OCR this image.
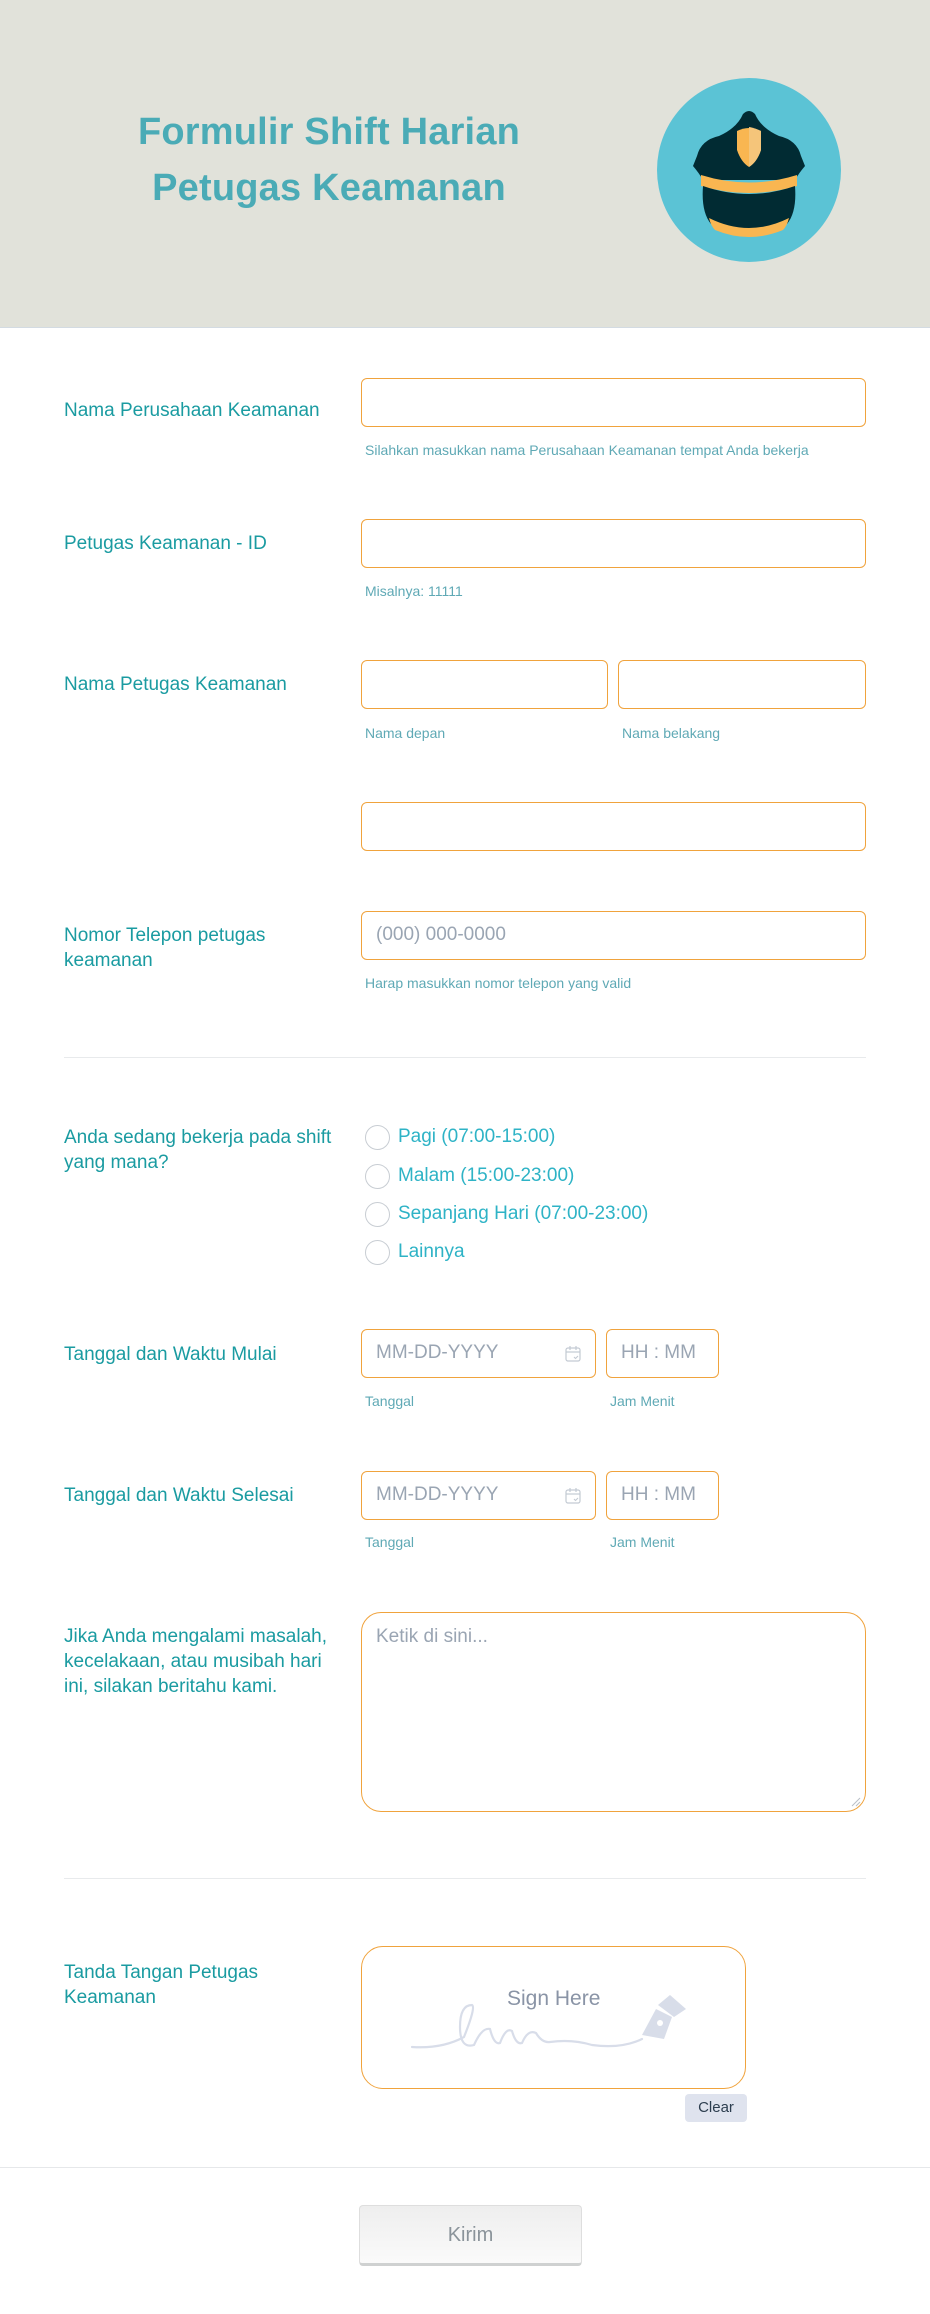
Formulir Shift Harian
Petugas Keamanan
Nama Perusahaan Keamanan
Silahkan masukkan nama Perusahaan Keamanan tempat Anda bekerja
Petugas Keamanan - ID
Misalnya: 11111
Nama Petugas Keamanan
Nama depan	Nama belakang
Nomor Telepon petugas keamanan
(000) 000-0000
Harap masukkan nomor telepon yang valid
Anda sedang bekerja pada shift yang mana?
Pagi (07:00-15:00)
Malam (15:00-23:00)
Sepanjang Hari (07:00-23:00)
Lainnya
Tanggal dan Waktu Mulai	MM-DD-YYYY	HH : MM
Tanggal	Jam Menit
Tanggal dan Waktu Selesai	MM-DD-YYYY	HH : MM
Tanggal	Jam Menit
Jika Anda mengalami masalah, kecelakaan, atau musibah hari ini, silakan beritahu kami.
Ketik di sini...
Tanda Tangan Petugas Keamanan	Sign Here
Clear
Kirim
